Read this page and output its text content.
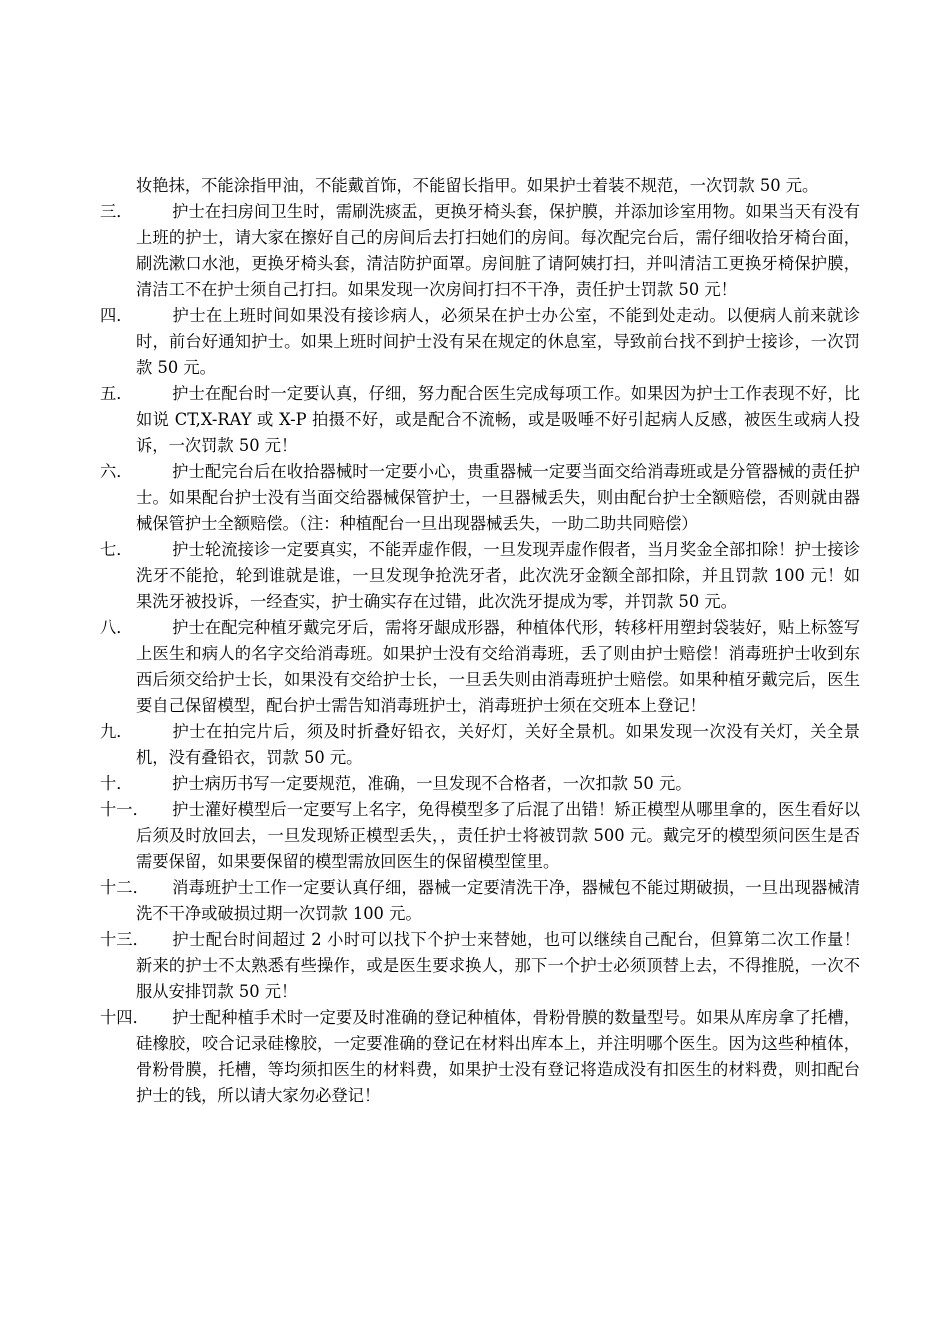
妆艳抹，不能涂指甲油，不能戴首饰，不能留长指甲。如果护士着装不规范，一次罚款 50 元。

三．	护士在扫房间卫生时，需刷洗痰盂，更换牙椅头套，保护膜，并添加诊室用物。如果当天有没有上班的护士，请大家在擦好自己的房间后去打扫她们的房间。每次配完台后，需仔细收拾牙椅台面，刷洗漱口水池，更换牙椅头套，清洁防护面罩。房间脏了请阿姨打扫，并叫清洁工更换牙椅保护膜，清洁工不在护士须自己打扫。如果发现一次房间打扫不干净，责任护士罚款 50 元！
四．	护士在上班时间如果没有接诊病人，必须呆在护士办公室，不能到处走动。以便病人前来就诊时，前台好通知护士。如果上班时间护士没有呆在规定的休息室，导致前台找不到护士接诊，一次罚款 50 元。
五．	护士在配台时一定要认真，仔细，努力配合医生完成每项工作。如果因为护士工作表现不好，比如说 CT,X-RAY 或 X-P 拍摄不好，或是配合不流畅，或是吸唾不好引起病人反感，被医生或病人投诉，一次罚款 50 元！
六．	护士配完台后在收拾器械时一定要小心，贵重器械一定要当面交给消毒班或是分管器械的责任护士。如果配台护士没有当面交给器械保管护士，一旦器械丢失，则由配台护士全额赔偿，否则就由器械保管护士全额赔偿。（注：种植配台一旦出现器械丢失，一助二助共同赔偿）
七．	护士轮流接诊一定要真实，不能弄虚作假，一旦发现弄虚作假者，当月奖金全部扣除！护士接诊洗牙不能抢，轮到谁就是谁，一旦发现争抢洗牙者，此次洗牙金额全部扣除，并且罚款 100 元！如果洗牙被投诉，一经查实，护士确实存在过错，此次洗牙提成为零，并罚款 50 元。
八．	护士在配完种植牙戴完牙后，需将牙龈成形器，种植体代形，转移杆用塑封袋装好，贴上标签写上医生和病人的名字交给消毒班。如果护士没有交给消毒班，丢了则由护士赔偿！消毒班护士收到东西后须交给护士长，如果没有交给护士长，一旦丢失则由消毒班护士赔偿。如果种植牙戴完后，医生要自己保留模型，配台护士需告知消毒班护士，消毒班护士须在交班本上登记！
九．	护士在拍完片后，须及时折叠好铅衣，关好灯，关好全景机。如果发现一次没有关灯，关全景机，没有叠铅衣，罚款 50 元。
十．	护士病历书写一定要规范，准确，一旦发现不合格者，一次扣款 50 元。
十一．	护士灌好模型后一定要写上名字，免得模型多了后混了出错！矫正模型从哪里拿的，医生看好以后须及时放回去，一旦发现矫正模型丢失，，责任护士将被罚款 500 元。戴完牙的模型须问医生是否需要保留，如果要保留的模型需放回医生的保留模型筐里。
十二．	消毒班护士工作一定要认真仔细，器械一定要清洗干净，器械包不能过期破损，一旦出现器械清洗不干净或破损过期一次罚款 100 元。
十三．	护士配台时间超过 2 小时可以找下个护士来替她，也可以继续自己配台，但算第二次工作量！新来的护士不太熟悉有些操作，或是医生要求换人，那下一个护士必须顶替上去，不得推脱，一次不服从安排罚款 50 元！
十四．	护士配种植手术时一定要及时准确的登记种植体，骨粉骨膜的数量型号。如果从库房拿了托槽，硅橡胶，咬合记录硅橡胶，一定要准确的登记在材料出库本上，并注明哪个医生。因为这些种植体，骨粉骨膜，托槽，等均须扣医生的材料费，如果护士没有登记将造成没有扣医生的材料费，则扣配台护士的钱，所以请大家勿必登记！
